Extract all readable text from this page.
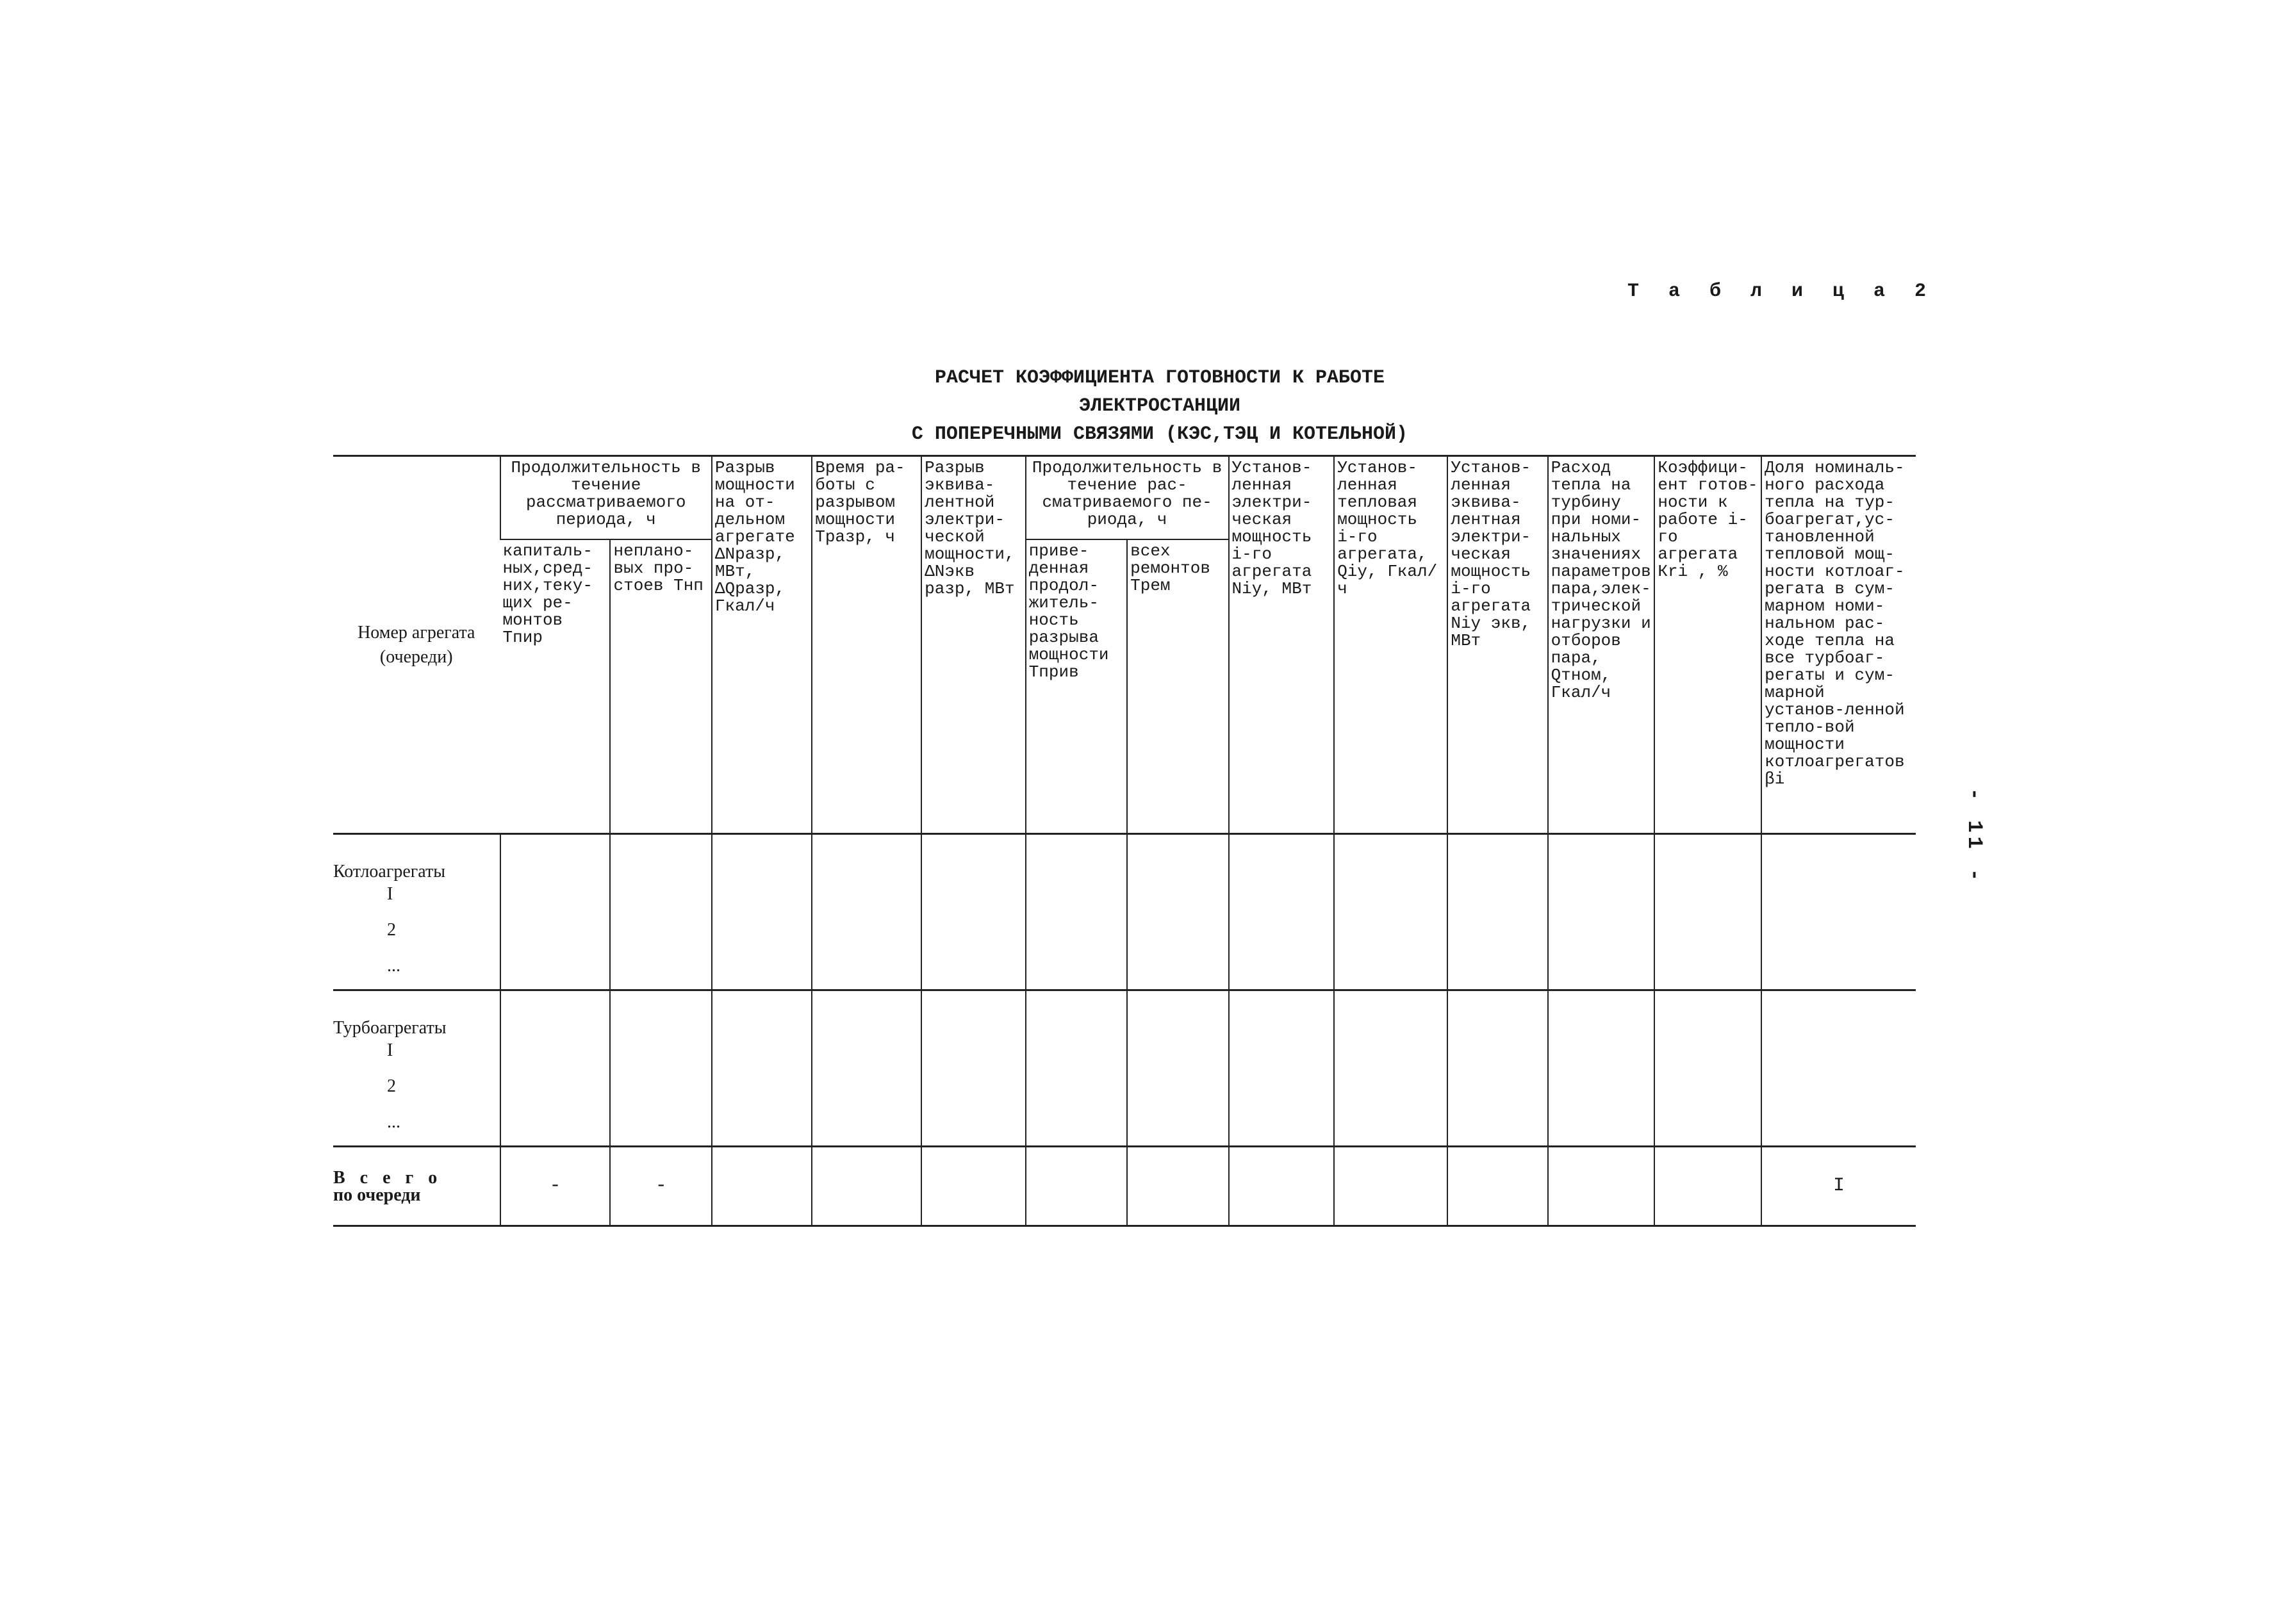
Т а б л и ц а 2
РАСЧЕТ КОЭФФИЦИЕНТА ГОТОВНОСТИ К РАБОТЕ ЭЛЕКТРОСТАНЦИИ
С ПОПЕРЕЧНЫМИ СВЯЗЯМИ (КЭС,ТЭЦ И КОТЕЛЬНОЙ)
- 11 -
Номер агрегата (очереди)	Продолжительность в течение рассматриваемого периода, ч		Разрыв мощности на от-дельном агрегате ΔNразр, МВт, ΔQразр, Гкал/ч	Время ра-боты с разрывом мощности Tразр, ч	Разрыв эквива-лентной электри-ческой мощности, ΔNэкв разр, МВт	Продолжительность в течение рас-сматриваемого пе-риода, ч		Установ-ленная электри-ческая мощность i-го агрегата Niу, МВт	Установ-ленная тепловая мощность i-го агрегата, Qiу, Гкал/ч	Установ-ленная эквива-лентная электри-ческая мощность i-го агрегата Niу экв, МВт	Расход тепла на турбину при номи-нальных значениях параметров пара,элек-трической нагрузки и отборов пара, Qтном, Гкал/ч	Коэффици-ент готов-ности к работе i-го агрегата Кri , %	Доля номиналь-ного расхода тепла на тур-боагрегат,ус-тановленной тепловой мощ-ности котлоаг-регата в сум-марном номи-нальном рас-ходе тепла на все турбоаг-регаты и сум-марной установ-ленной тепло-вой мощности котлоагрегатов βi
	капиталь-ных,сред-них,теку-щих ре-монтов Тпир	неплано-вых про-стоев Тнп				приве-денная продол-житель-ность разрыва мощности Тприв	всех ремонтов Трем						
Котлоагрегаты													
I													
2													
...													
Турбоагрегаты													
I													
2													
...													

В с е г о
по очереди	-	-											I
